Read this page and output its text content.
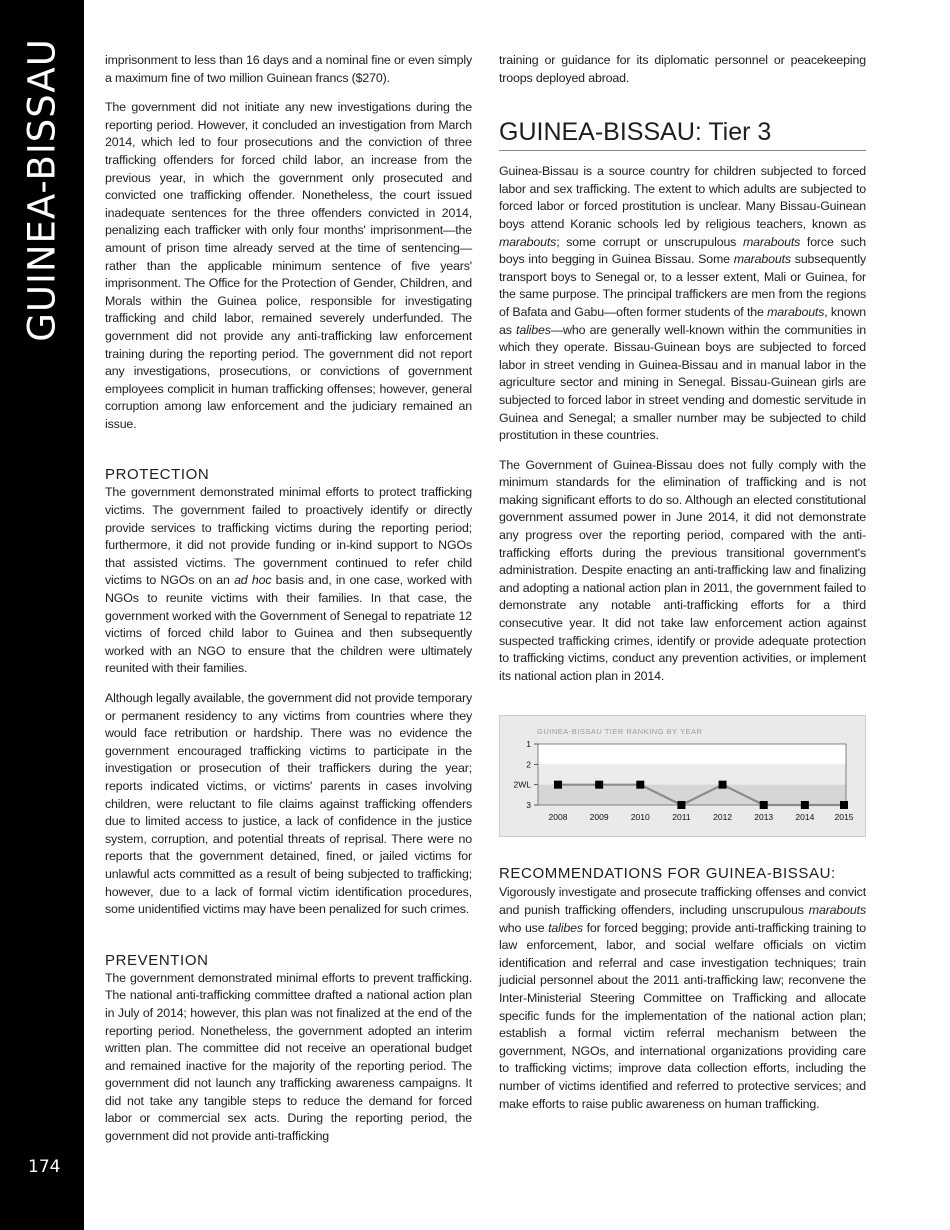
GUINEA-BISSAU
174

imprisonment to less than 16 days and a nominal fine or even simply a maximum fine of two million Guinean francs ($270).

The government did not initiate any new investigations during the reporting period. However, it concluded an investigation from March 2014, which led to four prosecutions and the conviction of three trafficking offenders for forced child labor, an increase from the previous year, in which the government only prosecuted and convicted one trafficking offender. Nonetheless, the court issued inadequate sentences for the three offenders convicted in 2014, penalizing each trafficker with only four months' imprisonment—the amount of prison time already served at the time of sentencing—rather than the applicable minimum sentence of five years' imprisonment. The Office for the Protection of Gender, Children, and Morals within the Guinea police, responsible for investigating trafficking and child labor, remained severely underfunded. The government did not provide any anti-trafficking law enforcement training during the reporting period. The government did not report any investigations, prosecutions, or convictions of government employees complicit in human trafficking offenses; however, general corruption among law enforcement and the judiciary remained an issue.

PROTECTION

The government demonstrated minimal efforts to protect trafficking victims. The government failed to proactively identify or directly provide services to trafficking victims during the reporting period; furthermore, it did not provide funding or in-kind support to NGOs that assisted victims. The government continued to refer child victims to NGOs on an ad hoc basis and, in one case, worked with NGOs to reunite victims with their families. In that case, the government worked with the Government of Senegal to repatriate 12 victims of forced child labor to Guinea and then subsequently worked with an NGO to ensure that the children were ultimately reunited with their families.

Although legally available, the government did not provide temporary or permanent residency to any victims from countries where they would face retribution or hardship. There was no evidence the government encouraged trafficking victims to participate in the investigation or prosecution of their traffickers during the year; reports indicated victims, or victims' parents in cases involving children, were reluctant to file claims against trafficking offenders due to limited access to justice, a lack of confidence in the justice system, corruption, and potential threats of reprisal. There were no reports that the government detained, fined, or jailed victims for unlawful acts committed as a result of being subjected to trafficking; however, due to a lack of formal victim identification procedures, some unidentified victims may have been penalized for such crimes.

PREVENTION

The government demonstrated minimal efforts to prevent trafficking. The national anti-trafficking committee drafted a national action plan in July of 2014; however, this plan was not finalized at the end of the reporting period. Nonetheless, the government adopted an interim written plan. The committee did not receive an operational budget and remained inactive for the majority of the reporting period. The government did not launch any trafficking awareness campaigns. It did not take any tangible steps to reduce the demand for forced labor or commercial sex acts. During the reporting period, the government did not provide anti-trafficking

training or guidance for its diplomatic personnel or peacekeeping troops deployed abroad.

GUINEA-BISSAU: Tier 3

Guinea-Bissau is a source country for children subjected to forced labor and sex trafficking. The extent to which adults are subjected to forced labor or forced prostitution is unclear. Many Bissau-Guinean boys attend Koranic schools led by religious teachers, known as marabouts; some corrupt or unscrupulous marabouts force such boys into begging in Guinea Bissau. Some marabouts subsequently transport boys to Senegal or, to a lesser extent, Mali or Guinea, for the same purpose. The principal traffickers are men from the regions of Bafata and Gabu—often former students of the marabouts, known as talibes—who are generally well-known within the communities in which they operate. Bissau-Guinean boys are subjected to forced labor in street vending in Guinea-Bissau and in manual labor in the agriculture sector and mining in Senegal. Bissau-Guinean girls are subjected to forced labor in street vending and domestic servitude in Guinea and Senegal; a smaller number may be subjected to child prostitution in these countries.

The Government of Guinea-Bissau does not fully comply with the minimum standards for the elimination of trafficking and is not making significant efforts to do so. Although an elected constitutional government assumed power in June 2014, it did not demonstrate any progress over the reporting period, compared with the anti-trafficking efforts during the previous transitional government's administration. Despite enacting an anti-trafficking law and finalizing and adopting a national action plan in 2011, the government failed to demonstrate any notable anti-trafficking efforts for a third consecutive year. It did not take law enforcement action against suspected trafficking crimes, identify or provide adequate protection to trafficking victims, conduct any prevention activities, or implement its national action plan in 2014.

GUINEA-BISSAU TIER RANKING BY YEAR
1
2
2WL
3
2008	2009	2010	2011	2012	2013	2014 2015
RECOMMENDATIONS FOR GUINEA-BISSAU:

Vigorously investigate and prosecute trafficking offenses and convict and punish trafficking offenders, including unscrupulous marabouts who use talibes for forced begging; provide anti-trafficking training to law enforcement, labor, and social welfare officials on victim identification and referral and case investigation techniques; train judicial personnel about the 2011 anti-trafficking law; reconvene the Inter-Ministerial Steering Committee on Trafficking and allocate specific funds for the implementation of the national action plan; establish a formal victim referral mechanism between the government, NGOs, and international organizations providing care to trafficking victims; improve data collection efforts, including the number of victims identified and referred to protective services; and make efforts to raise public awareness on human trafficking.
